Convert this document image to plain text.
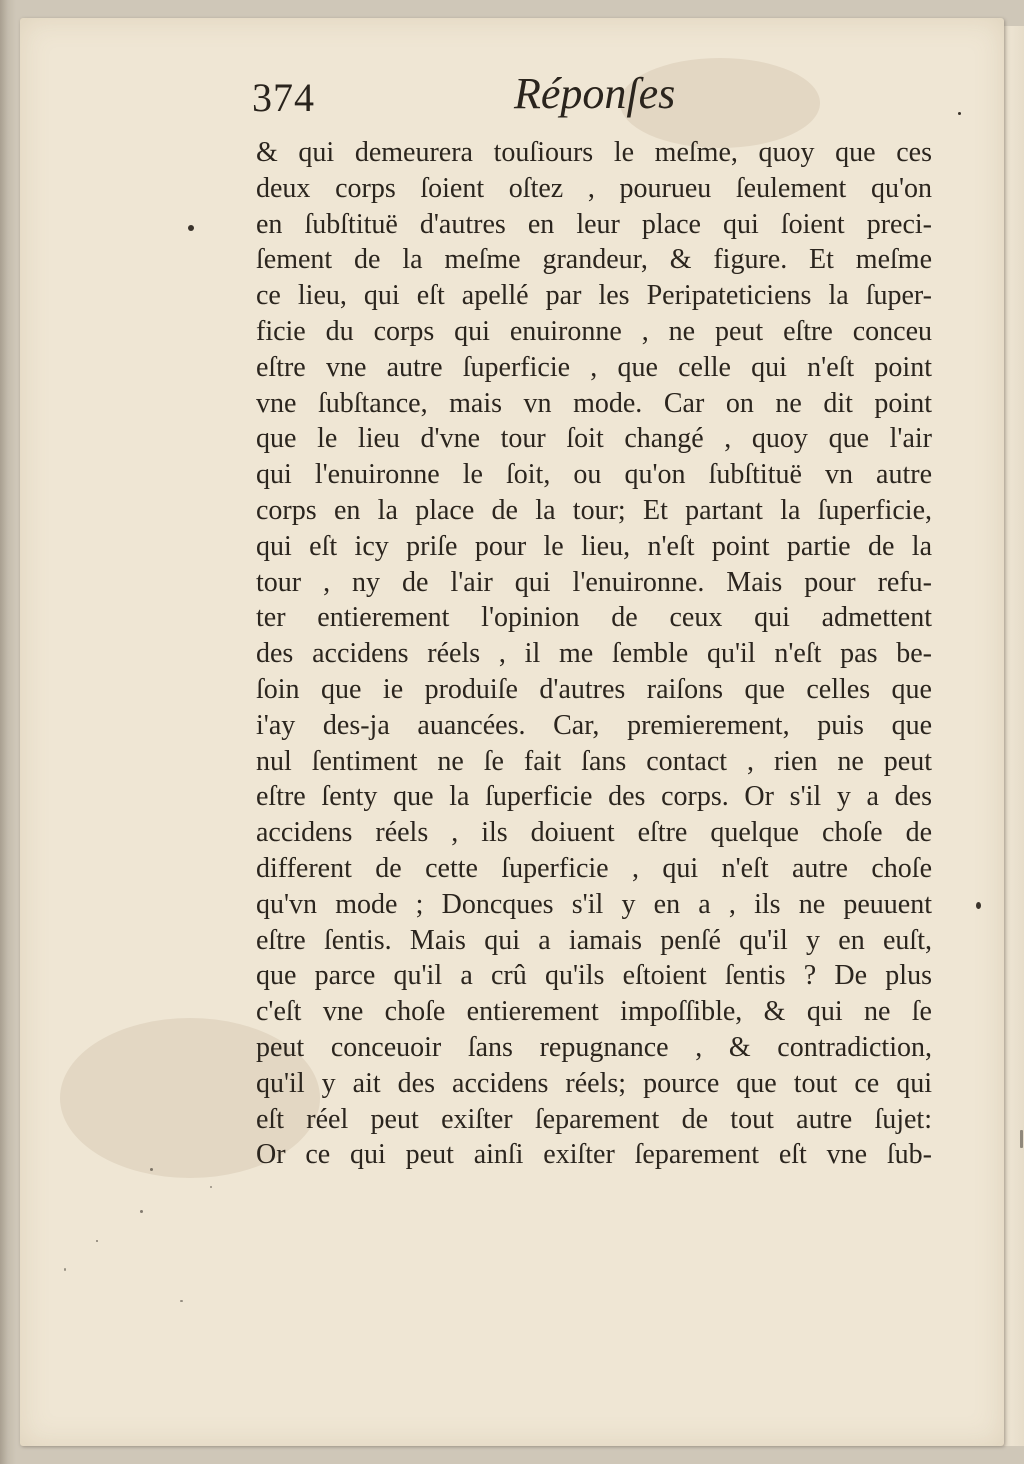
374	Réponſes
& qui demeurera touſiours le meſme, quoy que ces
deux corps ſoient oſtez , pourueu ſeulement qu'on
en ſubſtituë d'autres en leur place qui ſoient preci-
ſement de la meſme grandeur, & figure. Et meſme
ce lieu, qui eſt apellé par les Peripateticiens la ſuper-
ficie du corps qui enuironne , ne peut eſtre conceu
eſtre vne autre ſuperficie , que celle qui n'eſt point
vne ſubſtance, mais vn mode. Car on ne dit point
que le lieu d'vne tour ſoit changé , quoy que l'air
qui l'enuironne le ſoit, ou qu'on ſubſtituë vn autre
corps en la place de la tour; Et partant la ſuperficie,
qui eſt icy priſe pour le lieu, n'eſt point partie de la
tour , ny de l'air qui l'enuironne. Mais pour refu-
ter entierement l'opinion de ceux qui admettent
des accidens réels , il me ſemble qu'il n'eſt pas be-
ſoin que ie produiſe d'autres raiſons que celles que
i'ay des-ja auancées. Car, premierement, puis que
nul ſentiment ne ſe fait ſans contact , rien ne peut
eſtre ſenty que la ſuperficie des corps. Or s'il y a des
accidens réels , ils doiuent eſtre quelque choſe de
different de cette ſuperficie , qui n'eſt autre choſe
qu'vn mode ; Doncques s'il y en a , ils ne peuuent
eſtre ſentis. Mais qui a iamais penſé qu'il y en euſt,
que parce qu'il a crû qu'ils eſtoient ſentis ? De plus
c'eſt vne choſe entierement impoſſible, & qui ne ſe
peut conceuoir ſans repugnance , & contradiction,
qu'il y ait des accidens réels; pource que tout ce qui
eſt réel peut exiſter ſeparement de tout autre ſujet:
Or ce qui peut ainſi exiſter ſeparement eſt vne ſub-
